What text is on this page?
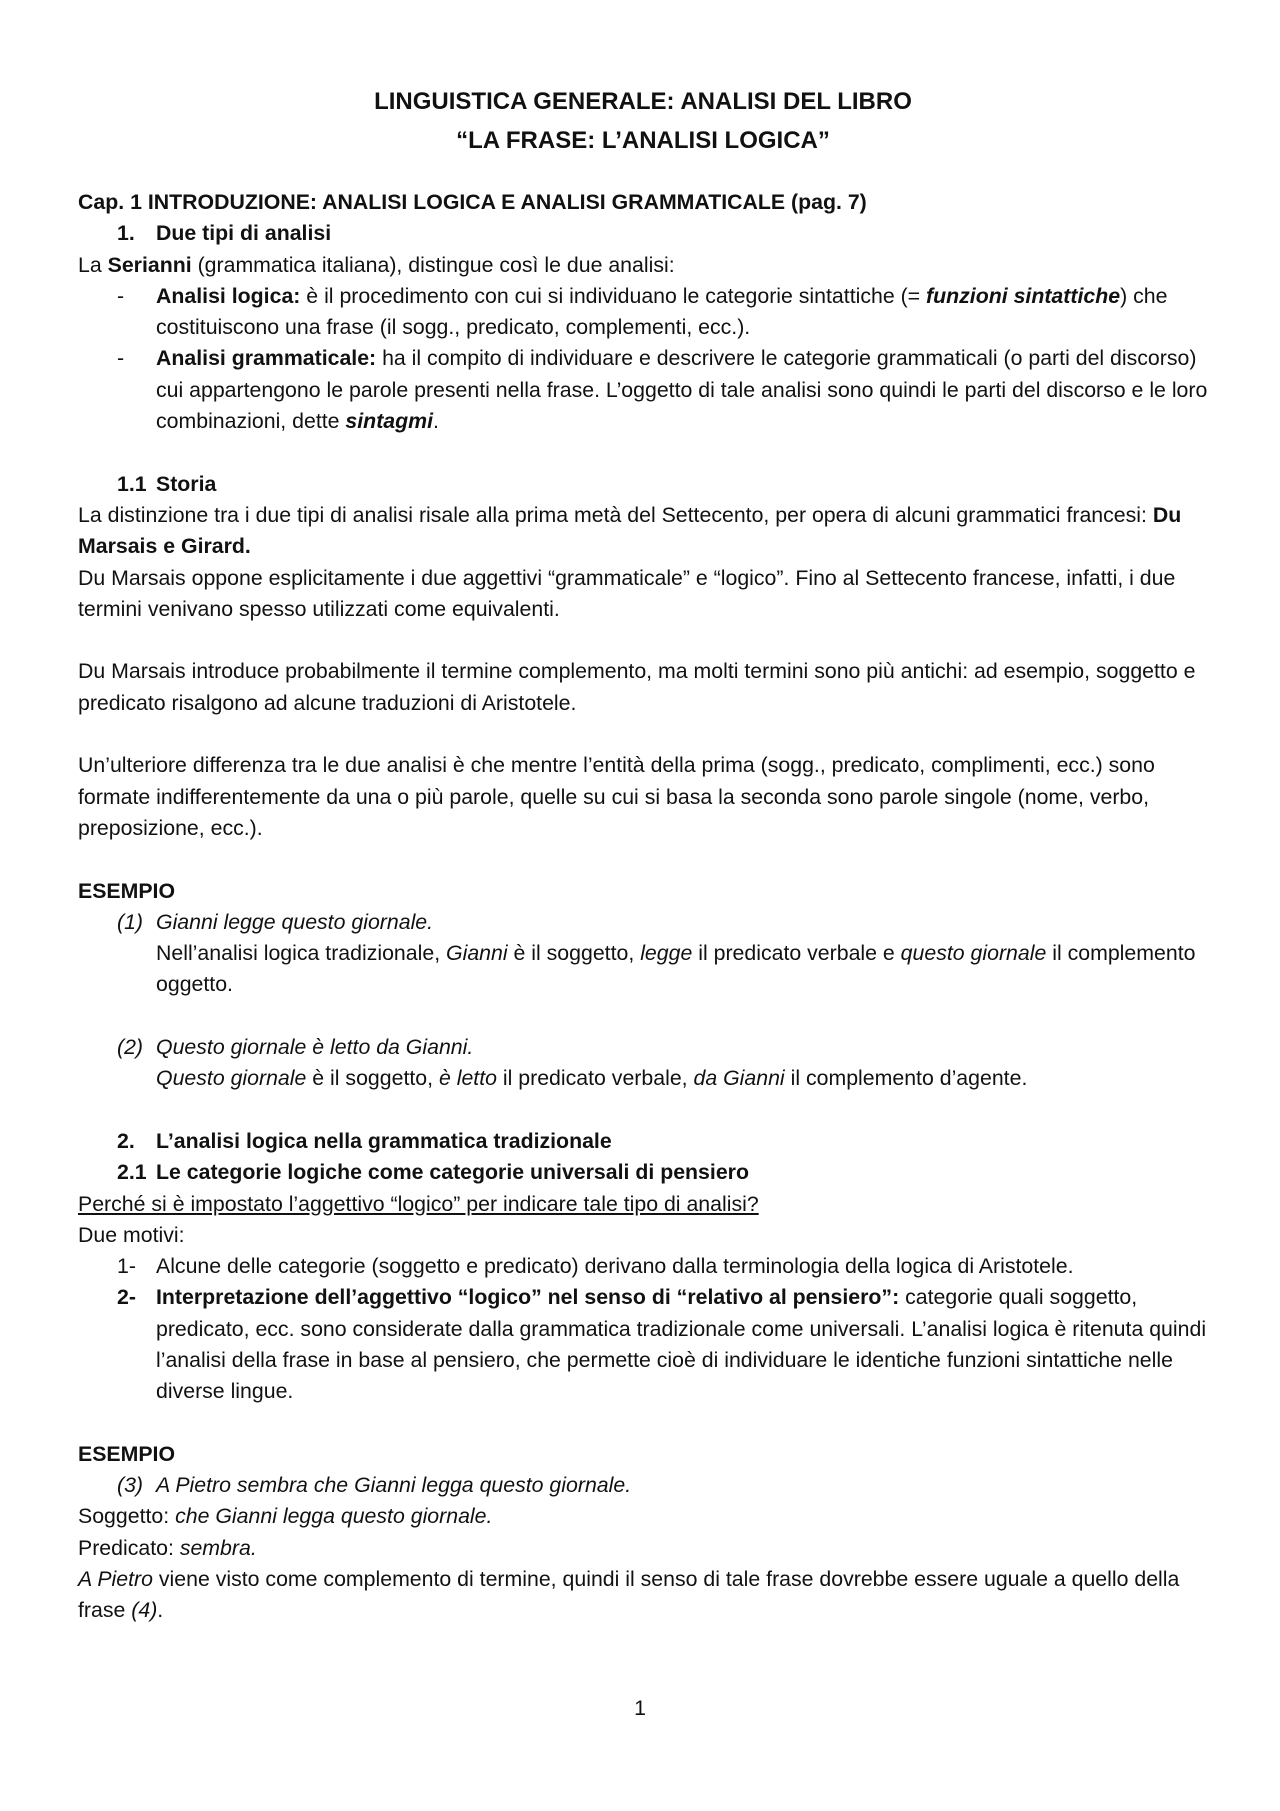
LINGUISTICA GENERALE: ANALISI DEL LIBRO

“LA FRASE: L’ANALISI LOGICA”

Cap. 1 INTRODUZIONE: ANALISI LOGICA E ANALISI GRAMMATICALE (pag. 7)

1. Due tipi di analisi

La Serianni (grammatica italiana), distingue così le due analisi:

-	Analisi logica: è il procedimento con cui si individuano le categorie sintattiche (= funzioni sintattiche) che costituiscono una frase (il sogg., predicato, complementi, ecc.).
-	Analisi grammaticale: ha il compito di individuare e descrivere le categorie grammaticali (o parti del discorso) cui appartengono le parole presenti nella frase. L’oggetto di tale analisi sono quindi le parti del discorso e le loro combinazioni, dette sintagmi.
1.1 Storia

La distinzione tra i due tipi di analisi risale alla prima metà del Settecento, per opera di alcuni grammatici francesi: Du Marsais e Girard.

Du Marsais oppone esplicitamente i due aggettivi “grammaticale” e “logico”. Fino al Settecento francese, infatti, i due termini venivano spesso utilizzati come equivalenti.

Du Marsais introduce probabilmente il termine complemento, ma molti termini sono più antichi: ad esempio, soggetto e predicato risalgono ad alcune traduzioni di Aristotele.

Un’ulteriore differenza tra le due analisi è che mentre l’entità della prima (sogg., predicato, complimenti, ecc.) sono formate indifferentemente da una o più parole, quelle su cui si basa la seconda sono parole singole (nome, verbo, preposizione, ecc.).

ESEMPIO

(1) Gianni legge questo giornale.

Nell’analisi logica tradizionale, Gianni è il soggetto, legge il predicato verbale e questo giornale il complemento oggetto.

(2) Questo giornale è letto da Gianni.

Questo giornale è il soggetto, è letto il predicato verbale, da Gianni il complemento d’agente.

2. L’analisi logica nella grammatica tradizionale
2.1 Le categorie logiche come categorie universali di pensiero

Perché si è impostato l’aggettivo “logico” per indicare tale tipo di analisi?

Due motivi:

1- Alcune delle categorie (soggetto e predicato) derivano dalla terminologia della logica di Aristotele.
2- Interpretazione dell’aggettivo “logico” nel senso di “relativo al pensiero”: categorie quali soggetto, predicato, ecc. sono considerate dalla grammatica tradizionale come universali. L’analisi logica è ritenuta quindi l’analisi della frase in base al pensiero, che permette cioè di individuare le identiche funzioni sintattiche nelle diverse lingue.

ESEMPIO

(3) A Pietro sembra che Gianni legga questo giornale.

Soggetto: che Gianni legga questo giornale.

Predicato: sembra.

A Pietro viene visto come complemento di termine, quindi il senso di tale frase dovrebbe essere uguale a quello della frase (4).

1
